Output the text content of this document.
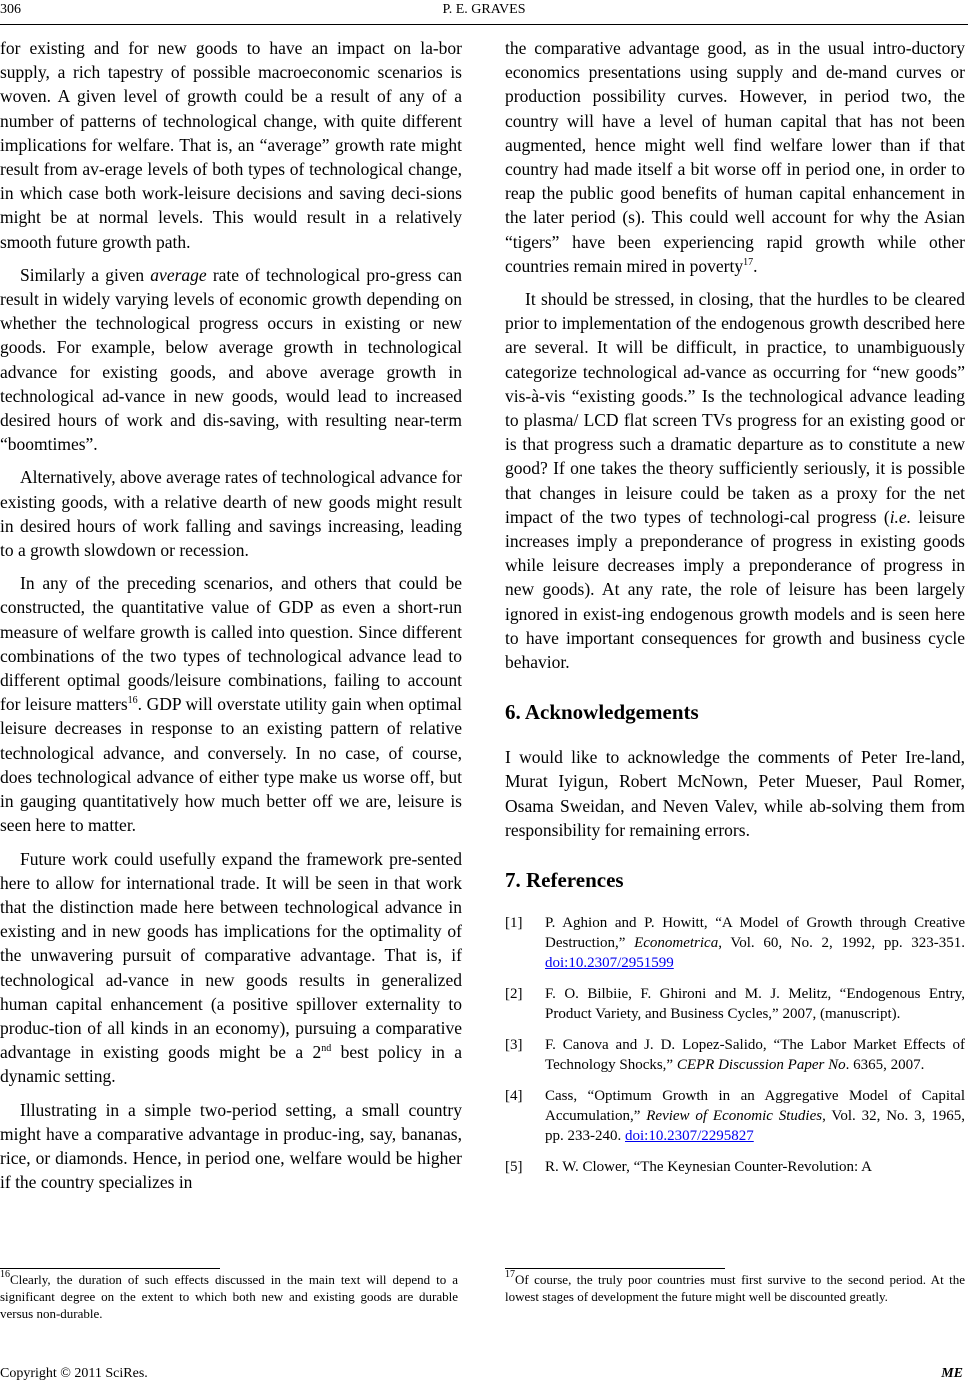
306	P. E. GRAVES

for existing and for new goods to have an impact on la-bor supply, a rich tapestry of possible macroeconomic scenarios is woven. A given level of growth could be a result of any of a number of patterns of technological change, with quite different implications for welfare. That is, an “average” growth rate might result from av-erage levels of both types of technological change, in which case both work-leisure decisions and saving deci-sions might be at normal levels. This would result in a relatively smooth future growth path.

Similarly a given average rate of technological pro-gress can result in widely varying levels of economic growth depending on whether the technological progress occurs in existing or new goods. For example, below average growth in technological advance for existing goods, and above average growth in technological ad-vance in new goods, would lead to increased desired hours of work and dis-saving, with resulting near-term “boomtimes”.

Alternatively, above average rates of technological advance for existing goods, with a relative dearth of new goods might result in desired hours of work falling and savings increasing, leading to a growth slowdown or recession.

In any of the preceding scenarios, and others that could be constructed, the quantitative value of GDP as even a short-run measure of welfare growth is called into question. Since different combinations of the two types of technological advance lead to different optimal goods/leisure combinations, failing to account for leisure matters$^{16}$. GDP will overstate utility gain when optimal leisure decreases in response to an existing pattern of relative technological advance, and conversely. In no case, of course, does technological advance of either type make us worse off, but in gauging quantitatively how much better off we are, leisure is seen here to matter.

Future work could usefully expand the framework pre-sented here to allow for international trade. It will be seen in that work that the distinction made here between technological advance in existing and in new goods has implications for the optimality of the unwavering pursuit of comparative advantage. That is, if technological ad-vance in new goods results in generalized human capital enhancement (a positive spillover externality to produc-tion of all kinds in an economy), pursuing a comparative advantage in existing goods might be a 2nd best policy in a dynamic setting.

Illustrating in a simple two-period setting, a small country might have a comparative advantage in produc-ing, say, bananas, rice, or diamonds. Hence, in period one, welfare would be higher if the country specializes in

the comparative advantage good, as in the usual intro-ductory economics presentations using supply and de-mand curves or production possibility curves. However, in period two, the country will have a level of human capital that has not been augmented, hence might well find welfare lower than if that country had made itself a bit worse off in period one, in order to reap the public good benefits of human capital enhancement in the later period (s). This could well account for why the Asian “tigers” have been experiencing rapid growth while other countries remain mired in poverty$^{17}$.

It should be stressed, in closing, that the hurdles to be cleared prior to implementation of the endogenous growth described here are several. It will be difficult, in practice, to unambiguously categorize technological ad-vance as occurring for “new goods” vis-à-vis “existing goods.” Is the technological advance leading to plasma/ LCD flat screen TVs progress for an existing good or is that progress such a dramatic departure as to constitute a new good? If one takes the theory sufficiently seriously, it is possible that changes in leisure could be taken as a proxy for the net impact of the two types of technologi-cal progress (i.e. leisure increases imply a preponderance of progress in existing goods while leisure decreases imply a preponderance of progress in new goods). At any rate, the role of leisure has been largely ignored in exist-ing endogenous growth models and is seen here to have important consequences for growth and business cycle behavior.

6. Acknowledgements

I would like to acknowledge the comments of Peter Ire-land, Murat Iyigun, Robert McNown, Peter Mueser, Paul Romer, Osama Sweidan, and Neven Valev, while ab-solving them from responsibility for remaining errors.

7. References
[1]	P. Aghion and P. Howitt, “A Model of Growth through Creative Destruction,” Econometrica, Vol. 60, No. 2, 1992, pp. 323-351. doi:10.2307/2951599
[2]	F. O. Bilbiie, F. Ghironi and M. J. Melitz, “Endogenous Entry, Product Variety, and Business Cycles,” 2007, (manuscript).
[3]	F. Canova and J. D. Lopez-Salido, “The Labor Market Effects of Technology Shocks,” CEPR Discussion Paper No. 6365, 2007.
[4]	Cass, “Optimum Growth in an Aggregative Model of Capital Accumulation,” Review of Economic Studies, Vol. 32, No. 3, 1965, pp. 233-240. doi:10.2307/2295827
[5]	R. W. Clower, “The Keynesian Counter-Revolution: A
$^{16}$Clearly, the duration of such effects discussed in the main text will depend to a significant degree on the extent to which both new and existing goods are durable versus non-durable.
$^{17}$Of course, the truly poor countries must first survive to the second period. At the lowest stages of development the future might well be discounted greatly.
Copyright © 2011 SciRes.	ME
